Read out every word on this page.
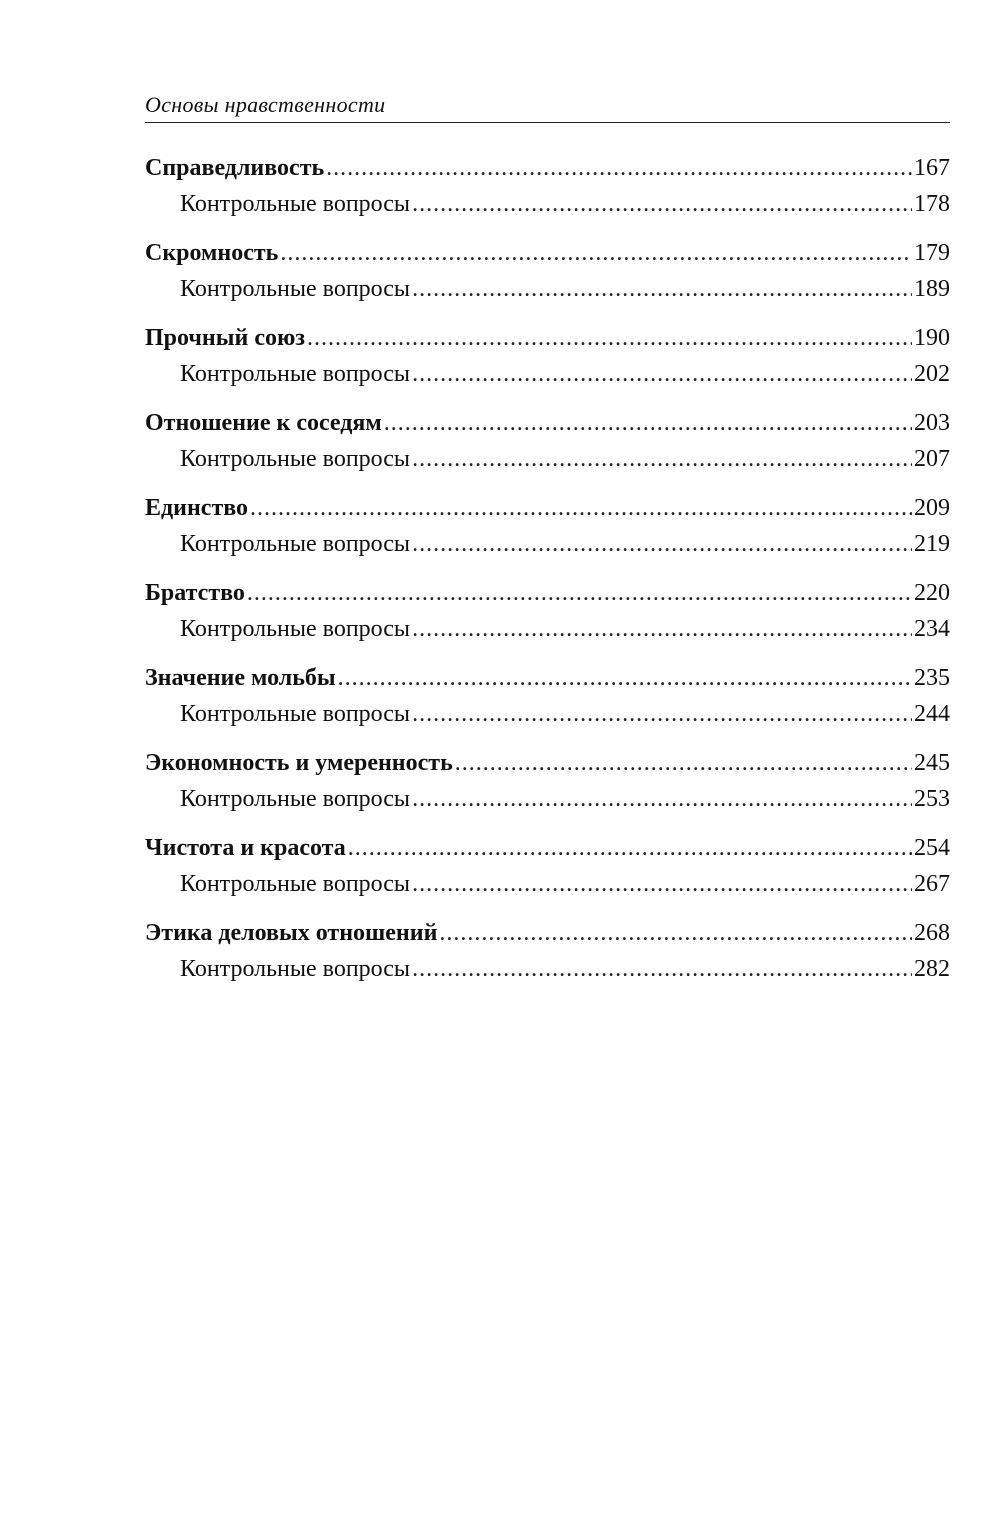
Основы нравственности
Справедливость .....	167
Контрольные вопросы .....	178
Скромность .....	179
Контрольные вопросы .....	189
Прочный союз .....	190
Контрольные вопросы .....	202
Отношение к соседям .....	203
Контрольные вопросы .....	207
Единство .....	209
Контрольные вопросы .....	219
Братство .....	220
Контрольные вопросы .....	234
Значение мольбы .....	235
Контрольные вопросы .....	244
Экономность и умеренность .....	245
Контрольные вопросы .....	253
Чистота и красота .....	254
Контрольные вопросы .....	267
Этика деловых отношений .....	268
Контрольные вопросы .....	282
